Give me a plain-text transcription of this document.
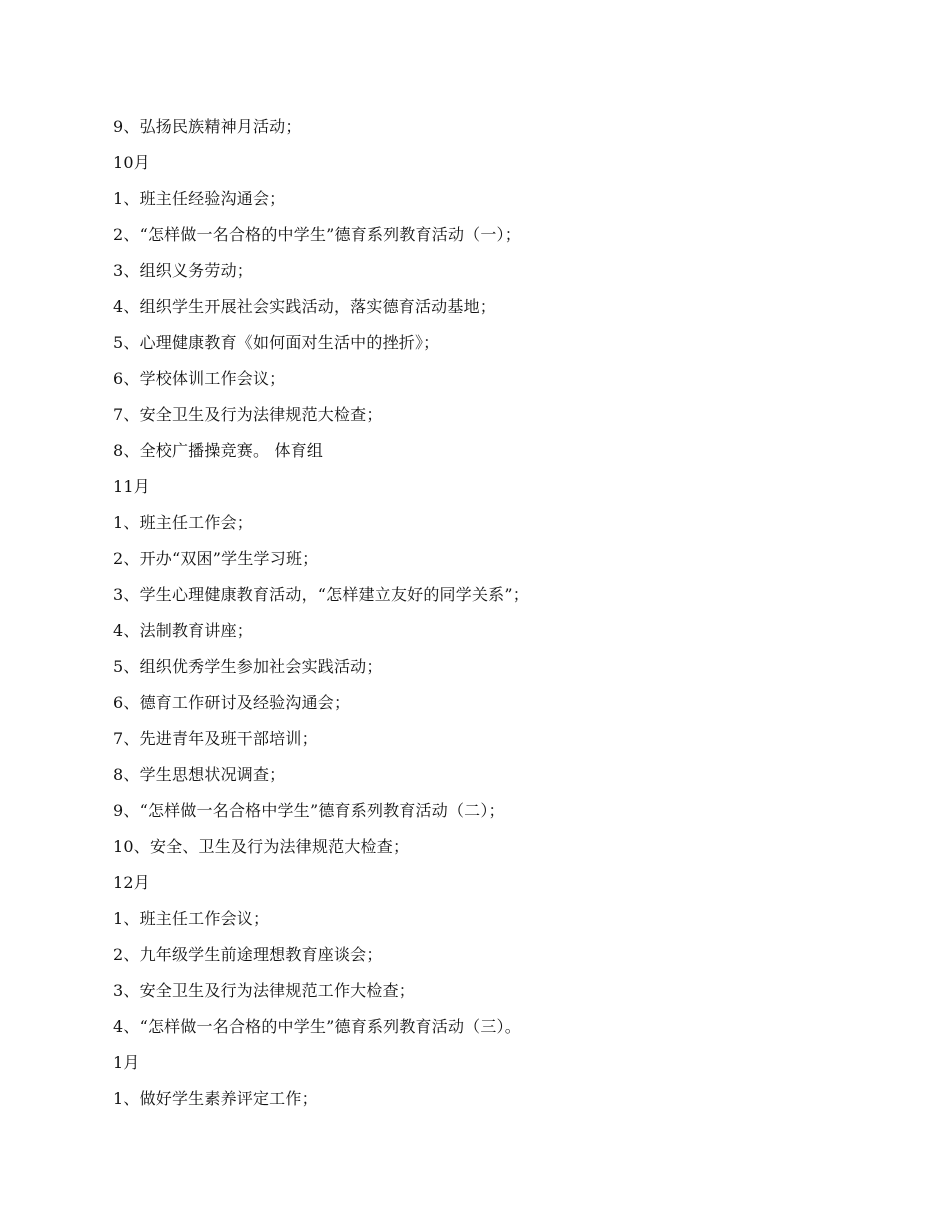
9、弘扬民族精神月活动；
10月
1、班主任经验沟通会；
2、“怎样做一名合格的中学生”德育系列教育活动（一）；
3、组织义务劳动；
4、组织学生开展社会实践活动，落实德育活动基地；
5、心理健康教育《如何面对生活中的挫折》；
6、学校体训工作会议；
7、安全卫生及行为法律规范大检查；
8、全校广播操竞赛。 体育组
11月
1、班主任工作会；
2、开办“双困”学生学习班；
3、学生心理健康教育活动，“怎样建立友好的同学关系”；
4、法制教育讲座；
5、组织优秀学生参加社会实践活动；
6、德育工作研讨及经验沟通会；
7、先进青年及班干部培训；
8、学生思想状况调查；
9、“怎样做一名合格中学生”德育系列教育活动（二）；
10、安全、卫生及行为法律规范大检查；
12月
1、班主任工作会议；
2、九年级学生前途理想教育座谈会；
3、安全卫生及行为法律规范工作大检查；
4、“怎样做一名合格的中学生”德育系列教育活动（三）。
1月
1、做好学生素养评定工作；
